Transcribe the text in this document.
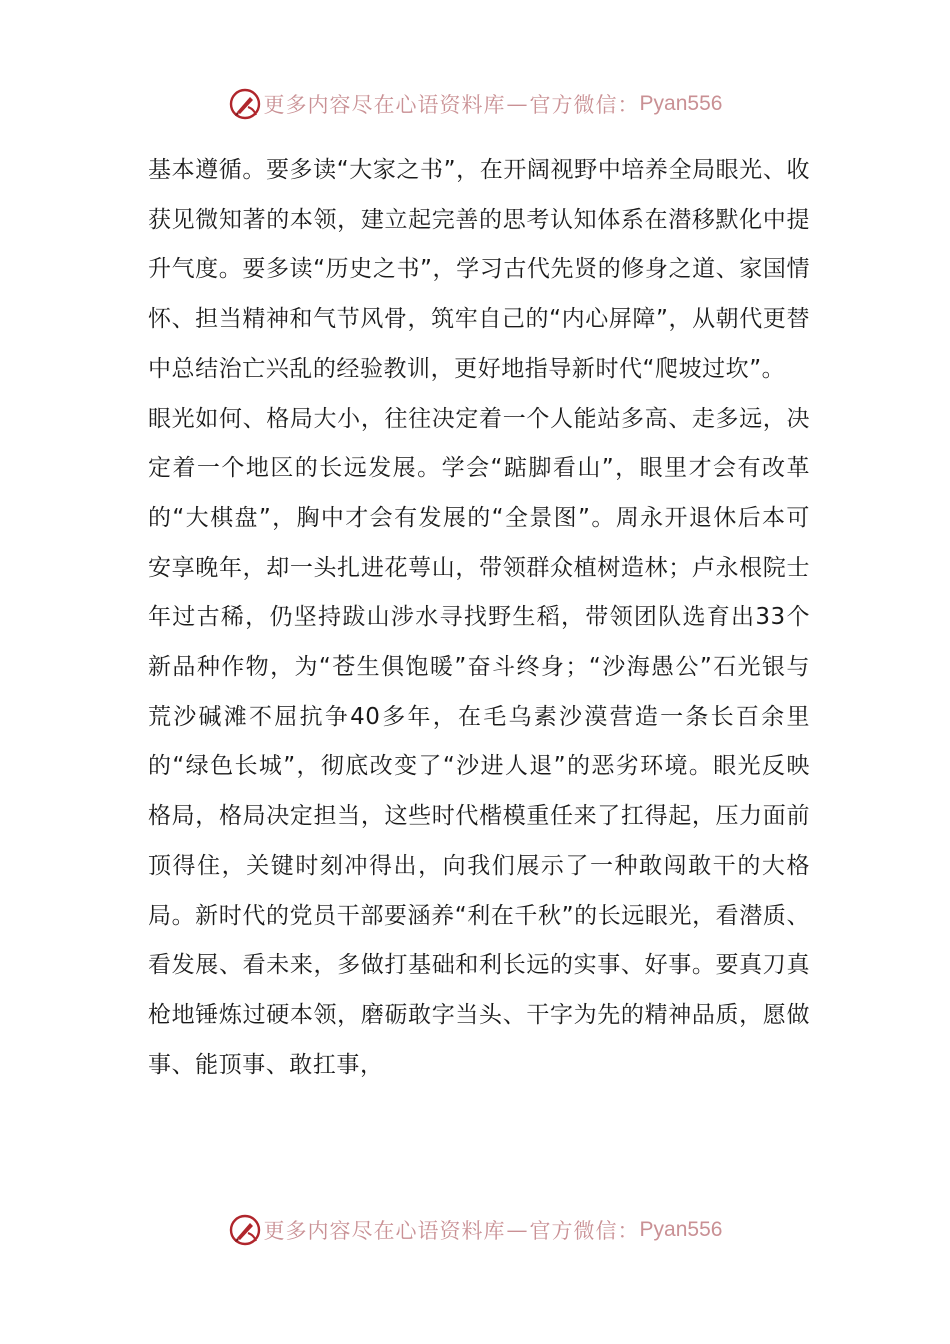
更多内容尽在心语资料库 — 官方微信： Pyan556

基本遵循。要多读“大家之书”，在开阔视野中培养全局眼光、收获见微知著的本领，建立起完善的思考认知体系在潜移默化中提升气度。要多读“历史之书”，学习古代先贤的修身之道、家国情怀、担当精神和气节风骨，筑牢自己的“内心屏障”，从朝代更替中总结治亡兴乱的经验教训，更好地指导新时代“爬坡过坎”。

眼光如何、格局大小，往往决定着一个人能站多高、走多远，决定着一个地区的长远发展。学会“踮脚看山”，眼里才会有改革的“大棋盘”，胸中才会有发展的“全景图”。周永开退休后本可安享晚年，却一头扎进花萼山，带领群众植树造林；卢永根院士年过古稀，仍坚持跋山涉水寻找野生稻，带领团队选育出33个新品种作物，为“苍生俱饱暖”奋斗终身；“沙海愚公”石光银与荒沙碱滩不屈抗争40多年，在毛乌素沙漠营造一条长百余里的“绿色长城”，彻底改变了“沙进人退”的恶劣环境。眼光反映格局，格局决定担当，这些时代楷模重任来了扛得起，压力面前顶得住，关键时刻冲得出，向我们展示了一种敢闯敢干的大格局。新时代的党员干部要涵养“利在千秋”的长远眼光，看潜质、看发展、看未来，多做打基础和利长远的实事、好事。要真刀真枪地锤炼过硬本领，磨砺敢字当头、干字为先的精神品质，愿做事、能顶事、敢扛事，

更多内容尽在心语资料库 — 官方微信： Pyan556
